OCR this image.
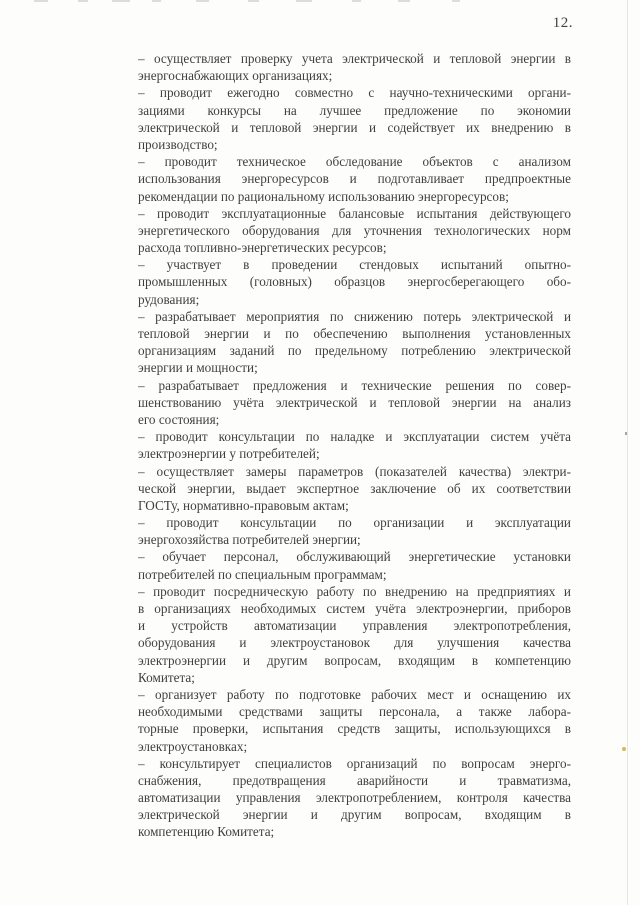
12.
– осуществляет проверку учета электрической и тепловой энергии в
энергоснабжающих организациях;
– проводит ежегодно совместно с научно-техническими органи-
зациями конкурсы на лучшее предложение по экономии
электрической и тепловой энергии и содействует их внедрению в
производство;
– проводит техническое обследование объектов с анализом
использования энергоресурсов и подготавливает предпроектные
рекомендации по рациональному использованию энергоресурсов;
– проводит эксплуатационные балансовые испытания действующего
энергетического оборудования для уточнения технологических норм
расхода топливно-энергетических ресурсов;
– участвует в проведении стендовых испытаний опытно-
промышленных (головных) образцов энергосберегающего обо-
рудования;
– разрабатывает мероприятия по снижению потерь электрической и
тепловой энергии и по обеспечению выполнения установленных
организациям заданий по предельному потреблению электрической
энергии и мощности;
– разрабатывает предложения и технические решения по совер-
шенствованию учёта электрической и тепловой энергии на анализ
его состояния;
– проводит консультации по наладке и эксплуатации систем учёта
электроэнергии у потребителей;
– осуществляет замеры параметров (показателей качества) электри-
ческой энергии, выдает экспертное заключение об их соответствии
ГОСТу, нормативно-правовым актам;
– проводит консультации по организации и эксплуатации
энергохозяйства потребителей энергии;
– обучает персонал, обслуживающий энергетические установки
потребителей по специальным программам;
– проводит посредническую работу по внедрению на предприятиях и
в организациях необходимых систем учёта электроэнергии, приборов
и устройств автоматизации управления электропотребления,
оборудования и электроустановок для улучшения качества
электроэнергии и другим вопросам, входящим в компетенцию
Комитета;
– организует работу по подготовке рабочих мест и оснащению их
необходимыми средствами защиты персонала, а также лабора-
торные проверки, испытания средств защиты, использующихся в
электроустановках;
– консультирует специалистов организаций по вопросам энерго-
снабжения, предотвращения аварийности и травматизма,
автоматизации управления электропотреблением, контроля качества
электрической энергии и другим вопросам, входящим в
компетенцию Комитета;
